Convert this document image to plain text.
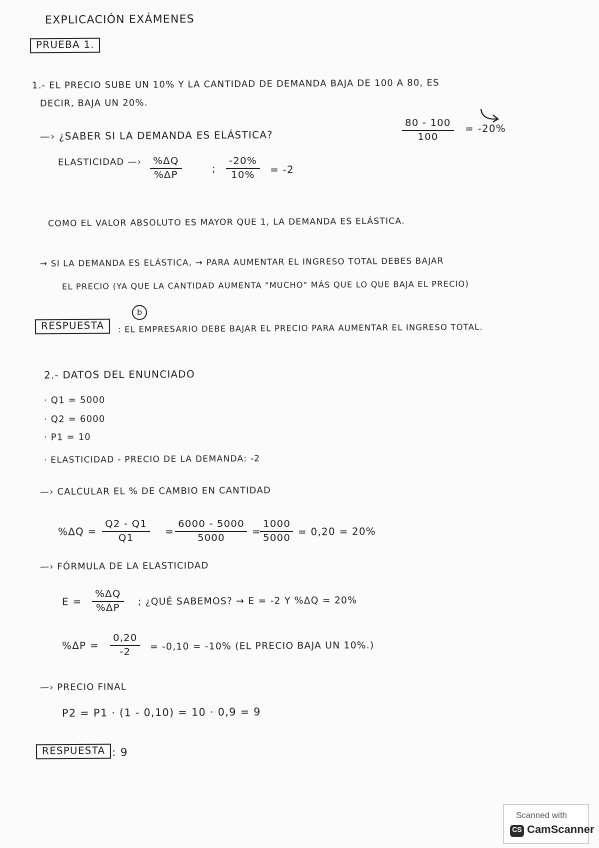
EXPLICACIÓN EXÁMENES
PRUEBA 1.
1.- EL PRECIO SUBE UN 10% Y LA CANTIDAD DE DEMANDA BAJA DE 100 A 80, ES
DECIR, BAJA UN 20%.
$\frac{80 - 100}{100} = -20\%$
—› ¿SABER SI LA DEMANDA ES ELÁSTICA?
ELASTICIDAD —› $\frac{\%\Delta Q}{\%\Delta P}$	; $\frac{-20\%}{10\%} = -2$
COMO EL VALOR ABSOLUTO ES MAYOR QUE 1, LA DEMANDA ES ELÁSTICA.
→ SI LA DEMANDA ES ELÁSTICA, → PARA AUMENTAR EL INGRESO TOTAL DEBES BAJAR
EL PRECIO (YA QUE LA CANTIDAD AUMENTA "MUCHO" MÁS QUE LO QUE BAJA EL PRECIO)
RESPUESTA
b
: EL EMPRESARIO DEBE BAJAR EL PRECIO PARA AUMENTAR EL INGRESO TOTAL.
2.- DATOS DEL ENUNCIADO
· Q1 = 5000
· Q2 = 6000
· P1 = 10
· ELASTICIDAD - PRECIO DE LA DEMANDA: -2
—› CALCULAR EL % DE CAMBIO EN CANTIDAD
$\%\Delta Q = \frac{Q2 - Q1}{Q1} = \frac{6000 - 5000}{5000}$ =
$\frac{1000}{5000} = 0,20 = 20\%$
—› FÓRMULA DE LA ELASTICIDAD
$E = \frac{\%\Delta Q}{\%\Delta P}$ ; ¿QUÉ SABEMOS? → E = -2 Y %ΔQ = 20%
$\%\Delta P = \frac{0,20}{-2} = -0,10 = -10\%$ (EL PRECIO BAJA UN 10%.)
—› PRECIO FINAL
P2 = P1 · (1 - 0,10) = 10 · 0,9 = 9
RESPUESTA : 9
Scanned with
CS CamScanner
